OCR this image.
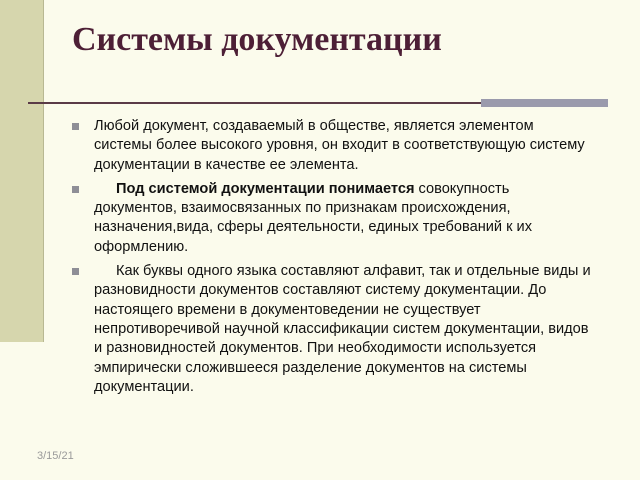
Системы документации
Любой документ, создаваемый в обществе, является элементом системы более высокого уровня, он входит в соответствующую систему документации в качестве ее элемента.
Под системой документации понимается совокупность документов, взаимосвязанных по признакам происхождения, назначения,вида, сферы деятельности, единых требований к их оформлению.
Как буквы одного языка составляют алфавит, так и отдельные виды и разновидности документов составляют систему документации. До настоящего времени в документоведении не существует непротиворечивой научной классификации систем документации, видов и разновидностей документов. При необходимости используется эмпирически сложившееся разделение документов на системы документации.
3/15/21
